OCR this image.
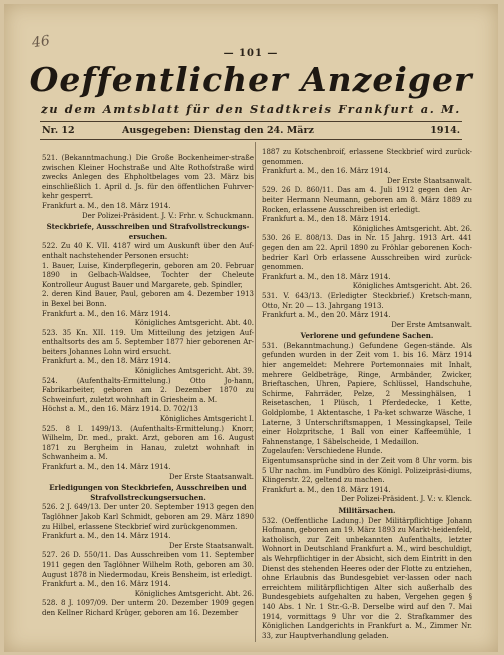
46
— 101 —
Oeffentlicher Anzeiger
zu dem Amtsblatt für den Stadtkreis Frankfurt a. M.
Nr. 12	Ausgegeben: Dienstag den 24. März	1914.

521. (Bekanntmachung.) Die Große Bockenheimer-straße zwischen Kleiner Hochstraße und Alte Rothofstraße wird zwecks Anlegen des Ehpholtbelages vom 23. März bis einschließlich 1. April d. Js. für den öffentlichen Fuhrver-kehr gesperrt.

Frankfurt a. M., den 18. März 1914.

Der Polizei-Präsident. J. V.: Frhr. v. Schuckmann.

Steckbriefe, Ausschreiben und Strafvollstreckungs-ersuchen.

522. Zu 40 K. VII. 4187 wird um Auskunft über den Auf-enthalt nachstehender Personen ersucht:

1. Bauer, Luise, Kinderpflegerin, geboren am 20. Februar 1890 in Gelbach-Waldsee, Tochter der Cheleute Kontrolleur August Bauer und Margarete, geb. Spindler,

2. deren Kind Bauer, Paul, geboren am 4. Dezember 1913 in Bexel bei Bonn.

Frankfurt a. M., den 16. März 1914.

Königliches Amtsgericht. Abt. 40.

523. 35 Kn. XII. 119. Um Mitteilung des jetzigen Auf-enthaltsorts des am 5. September 1877 hier geborenen Ar-beiters Johannes Lohn wird ersucht.

Frankfurt a. M., den 18. März 1914.

Königliches Amtsgericht. Abt. 39.

524. (Aufenthalts-Ermittelung.) Otto Jo-hann, Fabrikarbeiter, geboren am 2. Dezember 1870 zu Schweinfurt, zuletzt wohnhaft in Griesheim a. M.

Höchst a. M., den 16. März 1914. D. 702/13

Königliches Amtsgericht I.

525. 8 I. 1499/13. (Aufenthalts-Ermittelung.) Knorr, Wilhelm, Dr. med., prakt. Arzt, geboren am 16. August 1871 zu Bergheim in Hanau, zuletzt wohnhaft in Schwanheim a. M.

Frankfurt a. M., den 14. März 1914.

Der Erste Staatsanwalt.

Erledigungen von Steckbriefen, Ausschreiben und Strafvollstreckungsersuchen.

526. 2 J. 649/13. Der unter 20. September 1913 gegen den Taglöhner Jakob Karl Schmidt, geboren am 29. März 1890 zu Hilbel, erlassene Steckbrief wird zurückgenommen.

Frankfurt a. M., den 14. März 1914.

Der Erste Staatsanwalt.

527. 26 D. 550/11. Das Ausschreiben vom 11. September 1911 gegen den Taglöhner Wilhelm Roth, geboren am 30. August 1878 in Niedermodau, Kreis Bensheim, ist erledigt.

Frankfurt a. M., den 16. März 1914.

Königliches Amtsgericht. Abt. 26.

528. 8 J. 1097/09. Der unterm 20. Dezember 1909 gegen den Kellner Richard Krüger, geboren am 16. Dezember

1887 zu Kotschenbroif, erlassene Steckbrief wird zurück-genommen.

Frankfurt a. M., den 16. März 1914.

Der Erste Staatsanwalt.

529. 26 D. 860/11. Das am 4. Juli 1912 gegen den Ar-beiter Hermann Neumann, geboren am 8. März 1889 zu Rocken, erlassene Ausschreiben ist erledigt.

Frankfurt a. M., den 18. März 1914.

Königliches Amtsgericht. Abt. 26.

530. 26 E. 808/13. Das in Nr. 15 Jahrg. 1913 Art. 441 gegen den am 22. April 1890 zu Fröhlar geborenen Koch-bedrier Karl Orb erlassene Ausschreiben wird zurück-genommen.

Frankfurt a. M., den 18. März 1914.

Königliches Amtsgericht. Abt. 26.

531. V. 643/13. (Erledigter Steckbrief.) Kretsch-mann, Otto, Nr. 20 — 13. Jahrgang 1913.

Frankfurt a. M., den 20. März 1914.

Der Erste Amtsanwalt.

Verlorene und gefundene Sachen.

531. (Bekanntmachung.) Gefundene Gegen-stände. Als gefunden wurden in der Zeit vom 1. bis 16. März 1914 hier angemeldet: Mehrere Portemonnaies mit Inhalt, mehrere Geldbeträge, Ringe, Armbänder, Zwicker, Brieftaschen, Uhren, Papiere, Schlüssel, Handschuhe, Schirme, Fahrräder, Pelze, 2 Messinghälsen, 1 Reisetaschen, 1 Plüsch, 1 Pferdedecke, 1 Kette, Goldplombe, 1 Aktentasche, 1 Pa-ket schwarze Wäsche, 1 Laterne, 3 Unterschriftsmappen, 1 Messingkapsel, Teile einer Holzpritsche, 1 Ball von einer Kaffeemühle, 1 Fahnenstange, 1 Säbelscheide, 1 Medaillon.

Zugelaufen: Verschiedene Hunde.

Eigentumsansprüche sind in der Zeit vom 8 Uhr vorm. bis 5 Uhr nachm. im Fundbüro des Königl. Polizeipräsi-diums, Klingerstr. 22, geltend zu machen.

Frankfurt a. M., den 18. März 1914.

Der Polizei-Präsident. J. V.: v. Klenck.

Militärsachen.

532. (Oeffentliche Ladung.) Der Militärpflichtige Johann Hofmann, geboren am 19. März 1893 zu Markt-heidenfeld, katholisch, zur Zeit unbekannten Aufenthalts, letzter Wohnort in Deutschland Frankfurt a. M., wird beschuldigt, als Wehrpflichtiger in der Absicht, sich dem Eintritt in den Dienst des stehenden Heeres oder der Flotte zu entziehen, ohne Erlaubnis das Bundesgebiet ver-lassen oder nach erreichtem militärpflichtigen Alter sich außerhalb des Bundesgebiets aufgehalten zu haben, Vergehen gegen § 140 Abs. 1 Nr. 1 Str.-G.-B. Derselbe wird auf den 7. Mai 1914, vormittags 9 Uhr vor die 2. Strafkammer des Königlichen Landgerichts in Frankfurt a. M., Zimmer Nr. 33, zur Hauptverhandlung geladen.
